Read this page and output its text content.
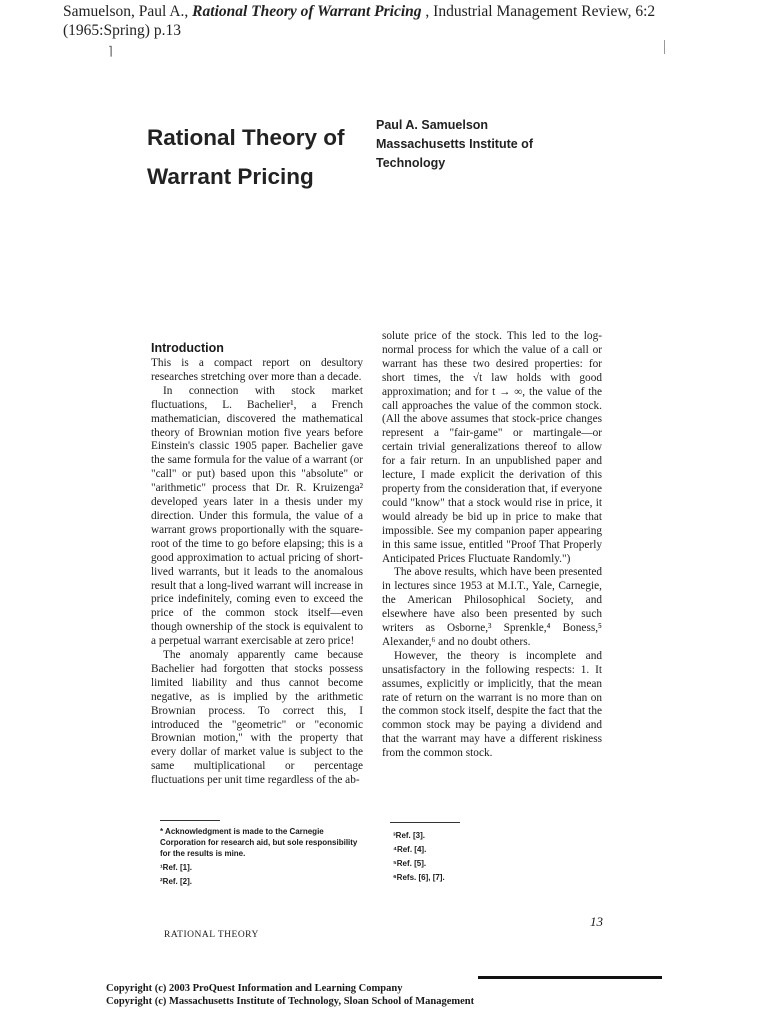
Samuelson, Paul A., Rational Theory of Warrant Pricing , Industrial Management Review, 6:2 (1965:Spring) p.13
⌉
Rational Theory of Warrant Pricing
Paul A. Samuelson
Massachusetts Institute of Technology
Introduction

This is a compact report on desultory researches stretching over more than a decade.

In connection with stock market fluctuations, L. Bachelier¹, a French mathematician, discovered the mathematical theory of Brownian motion five years before Einstein's classic 1905 paper. Bachelier gave the same formula for the value of a warrant (or "call" or put) based upon this "absolute" or "arithmetic" process that Dr. R. Kruizenga² developed years later in a thesis under my direction. Under this formula, the value of a warrant grows proportionally with the square-root of the time to go before elapsing; this is a good approximation to actual pricing of short-lived warrants, but it leads to the anomalous result that a long-lived warrant will increase in price indefinitely, coming even to exceed the price of the common stock itself—even though ownership of the stock is equivalent to a perpetual warrant exercisable at zero price!

The anomaly apparently came because Bachelier had forgotten that stocks possess limited liability and thus cannot become negative, as is implied by the arithmetic Brownian process. To correct this, I introduced the "geometric" or "economic Brownian motion," with the property that every dollar of market value is subject to the same multiplicational or percentage fluctuations per unit time regardless of the ab-

solute price of the stock. This led to the log-normal process for which the value of a call or warrant has these two desired properties: for short times, the √t law holds with good approximation; and for t → ∞, the value of the call approaches the value of the common stock. (All the above assumes that stock-price changes represent a "fair-game" or martingale—or certain trivial generalizations thereof to allow for a fair return. In an unpublished paper and lecture, I made explicit the derivation of this property from the consideration that, if everyone could "know" that a stock would rise in price, it would already be bid up in price to make that impossible. See my companion paper appearing in this same issue, entitled "Proof That Properly Anticipated Prices Fluctuate Randomly.")

The above results, which have been presented in lectures since 1953 at M.I.T., Yale, Carnegie, the American Philosophical Society, and elsewhere have also been presented by such writers as Osborne,³ Sprenkle,⁴ Boness,⁵ Alexander,⁶ and no doubt others.

However, the theory is incomplete and unsatisfactory in the following respects: 1. It assumes, explicitly or implicitly, that the mean rate of return on the warrant is no more than on the common stock itself, despite the fact that the common stock may be paying a dividend and that the warrant may have a different riskiness from the common stock.

* Acknowledgment is made to the Carnegie Corporation for research aid, but sole responsibility for the results is mine.

¹Ref. [1].

²Ref. [2].

³Ref. [3].

⁴Ref. [4].

⁵Ref. [5].

⁶Refs. [6], [7].

RATIONAL THEORY
13
Copyright (c) 2003 ProQuest Information and Learning Company
Copyright (c) Massachusetts Institute of Technology, Sloan School of Management
